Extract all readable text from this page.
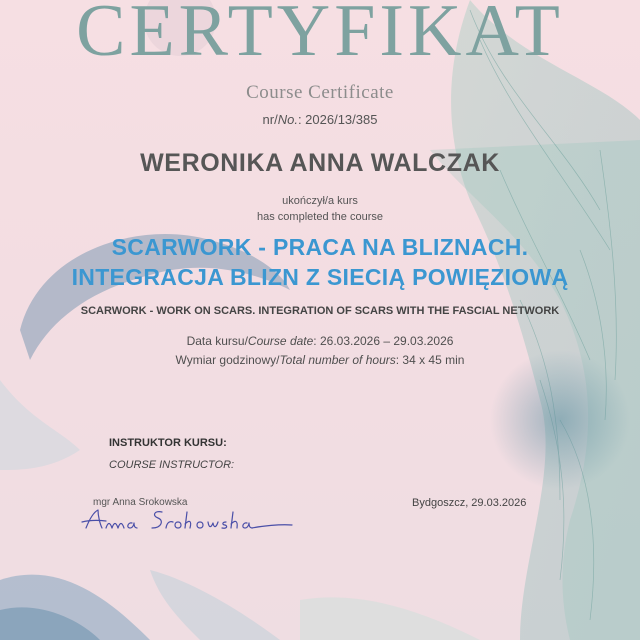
CERTYFIKAT
Course Certificate
nr/No.: 2026/13/385
WERONIKA ANNA WALCZAK
ukończył/a kurs
has completed the course
SCARWORK - PRACA NA BLIZNACH.
INTEGRACJA BLIZN Z SIECIĄ POWIĘZIOWĄ
SCARWORK - WORK ON SCARS. INTEGRATION OF SCARS WITH THE FASCIAL NETWORK
Data kursu/Course date: 26.03.2026 – 29.03.2026
Wymiar godzinowy/Total number of hours: 34 x 45 min
INSTRUKTOR KURSU:
COURSE INSTRUCTOR:
mgr Anna Srokowska	Bydgoszcz, 29.03.2026
